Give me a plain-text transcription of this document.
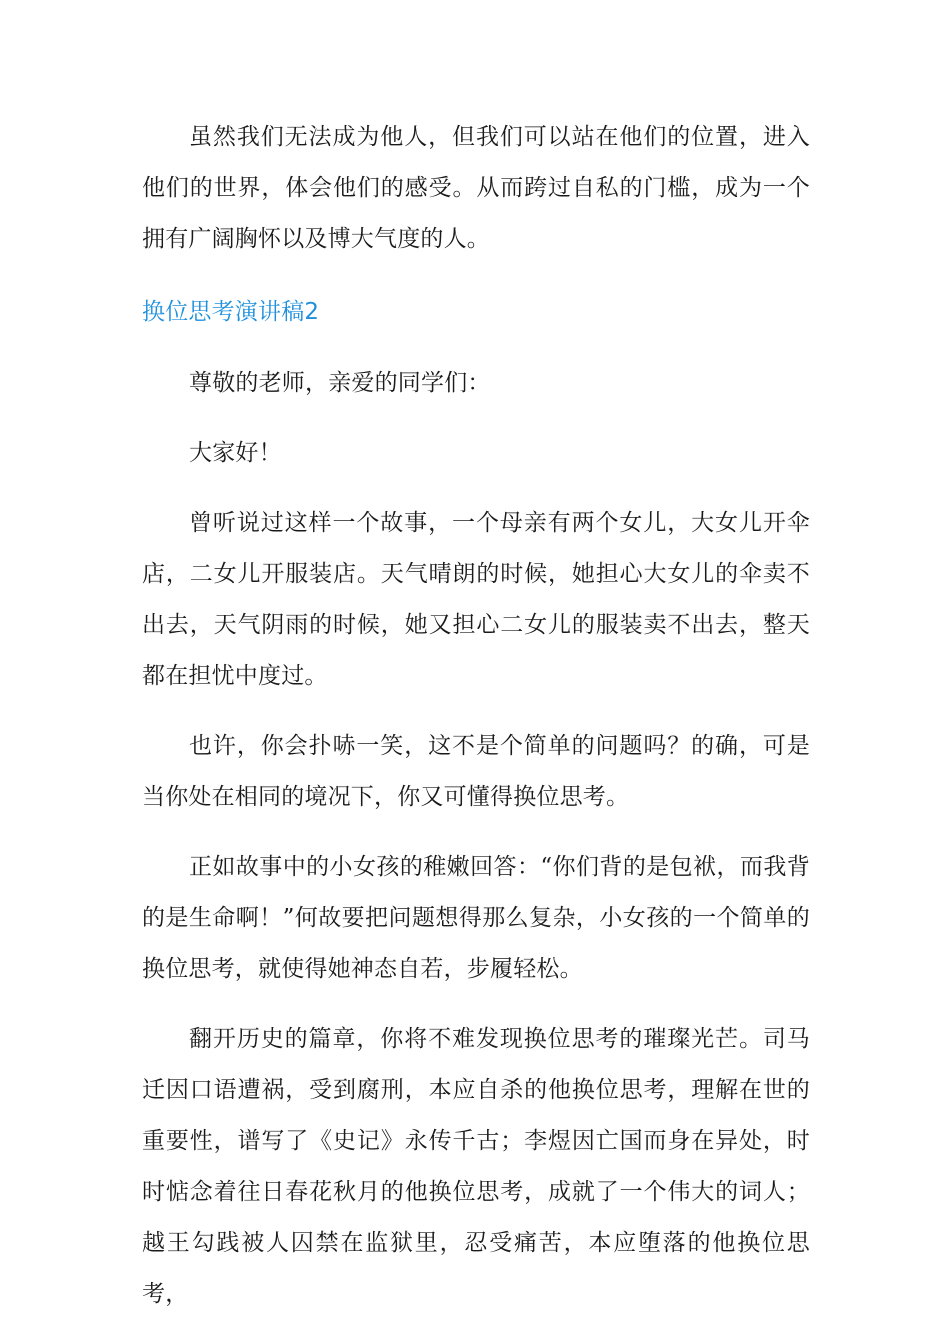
虽然我们无法成为他人，但我们可以站在他们的位置，进入他们的世界，体会他们的感受。从而跨过自私的门槛，成为一个拥有广阔胸怀以及博大气度的人。

换位思考演讲稿2

尊敬的老师，亲爱的同学们：

大家好！

曾听说过这样一个故事，一个母亲有两个女儿，大女儿开伞店，二女儿开服装店。天气晴朗的时候，她担心大女儿的伞卖不出去，天气阴雨的时候，她又担心二女儿的服装卖不出去，整天都在担忧中度过。

也许，你会扑哧一笑，这不是个简单的问题吗？的确，可是当你处在相同的境况下，你又可懂得换位思考。

正如故事中的小女孩的稚嫩回答：“你们背的是包袱，而我背的是生命啊！”何故要把问题想得那么复杂，小女孩的一个简单的换位思考，就使得她神态自若，步履轻松。

翻开历史的篇章，你将不难发现换位思考的璀璨光芒。司马迁因口语遭祸，受到腐刑，本应自杀的他换位思考，理解在世的重要性，谱写了《史记》永传千古；李煜因亡国而身在异处，时时惦念着往日春花秋月的他换位思考，成就了一个伟大的词人；越王勾践被人囚禁在监狱里，忍受痛苦，本应堕落的他换位思考，
